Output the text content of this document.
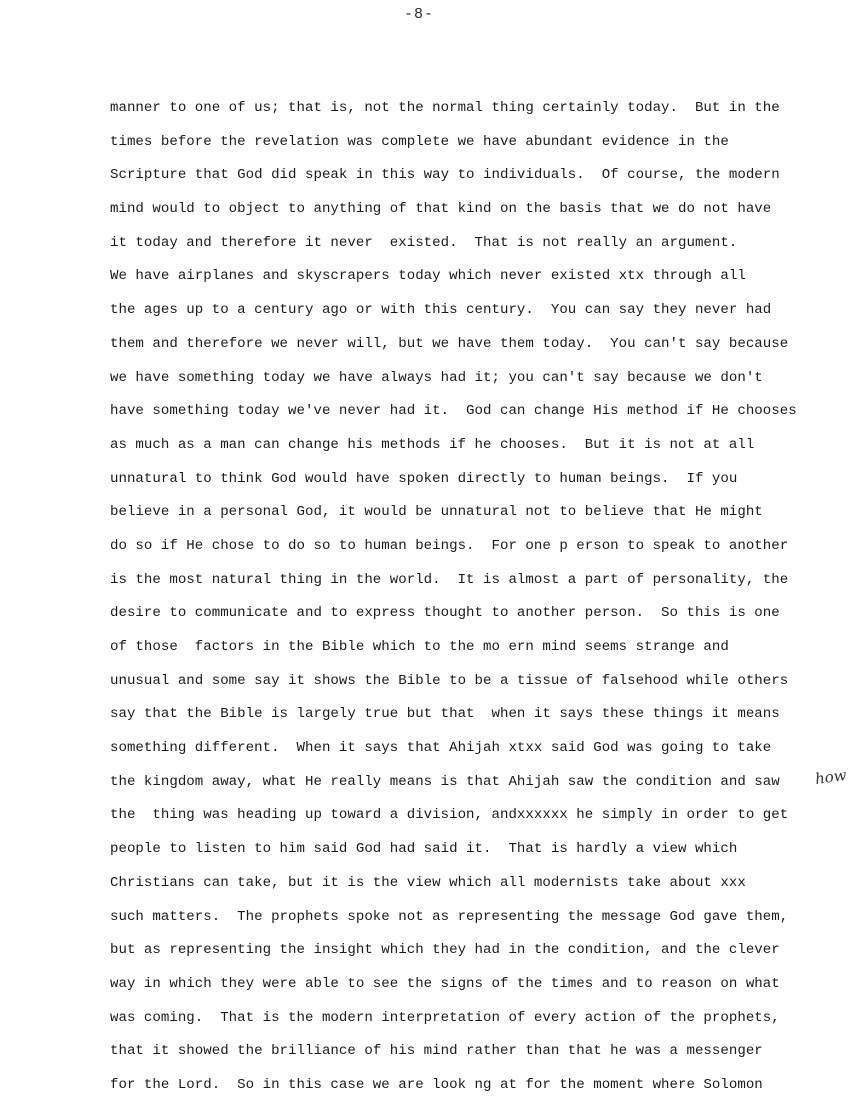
-8-
manner to one of us; that is, not the normal thing certainly today.  But in the
times before the revelation was complete we have abundant evidence in the
Scripture that God did speak in this way to individuals.  Of course, the modern
mind would to object to anything of that kind on the basis that we do not have
it today and therefore it never  existed.  That is not really an argument.
We have airplanes and skyscrapers today which never existed xtx through all
the ages up to a century ago or with this century.  You can say they never had
them and therefore we never will, but we have them today.  You can't say because
we have something today we have always had it; you can't say because we don't
have something today we've never had it.  God can change His method if He chooses
as much as a man can change his methods if he chooses.  But it is not at all
unnatural to think God would have spoken directly to human beings.  If you
believe in a personal God, it would be unnatural not to believe that He might
do so if He chose to do so to human beings.  For one p erson to speak to another
is the most natural thing in the world.  It is almost a part of personality, the
desire to communicate and to express thought to another person.  So this is one
of those  factors in the Bible which to the mo ern mind seems strange and
unusual and some say it shows the Bible to be a tissue of falsehood while others
say that the Bible is largely true but that  when it says these things it means
something different.  When it says that Ahijah xtxx said God was going to take
the kingdom away, what He really means is that Ahijah saw the condition and saw
the  thing was heading up toward a division, andxxxxxx he simply in order to get
people to listen to him said God had said it.  That is hardly a view which
Christians can take, but it is the view which all modernists take about xxx
such matters.  The prophets spoke not as representing the message God gave them,
but as representing the insight which they had in the condition, and the clever
way in which they were able to see the signs of the times and to reason on what
was coming.  That is the modern interpretation of every action of the prophets,
that it showed the brilliance of his mind rather than that he was a messenger
for the Lord.  So in this case we are look ng at for the moment where Solomon
how
